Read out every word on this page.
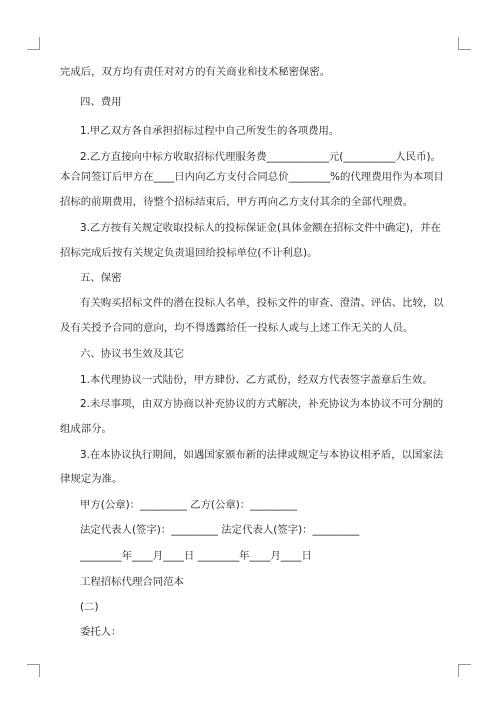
完成后，双方均有责任对对方的有关商业和技术秘密保密。
四、费用
1.甲乙双方各自承担招标过程中自己所发生的各项费用。
2.乙方直接向中标方收取招标代理服务费____________元(__________人民币)。
本合同签订后甲方在____日内向乙方支付合同总价________%的代理费用作为本项目
招标的前期费用，待整个招标结束后，甲方再向乙方支付其余的全部代理费。
3.乙方按有关规定收取投标人的投标保证金(具体金额在招标文件中确定)，并在
招标完成后按有关规定负责退回给投标单位(不计利息)。
五、保密
有关购买招标文件的潜在投标人名单，投标文件的审查、澄清、评估、比较，以
及有关授予合同的意向，均不得透露给任一投标人或与上述工作无关的人员。
六、协议书生效及其它
1.本代理协议一式陆份，甲方肆份、乙方贰份，经双方代表签字盖章后生效。
2.未尽事项，由双方协商以补充协议的方式解决，补充协议为本协议不可分割的
组成部分。
3.在本协议执行期间，如遇国家颁布新的法律或规定与本协议相矛盾，以国家法
律规定为准。
甲方(公章)：_________ 乙方(公章)：_________
法定代表人(签字)：_________ 法定代表人(签字)：_________
________年____月____日 ________年____月____日
工程招标代理合同范本
(二)
委托人：
